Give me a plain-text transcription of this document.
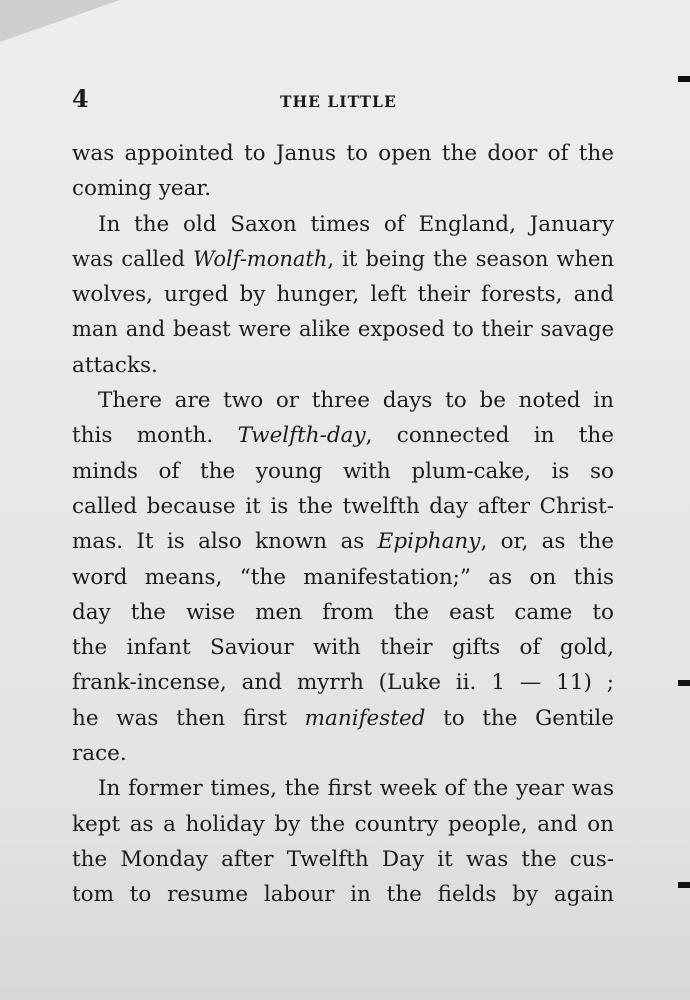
4	THE LITTLE
was appointed to Janus to open the door of the
coming year.
In the old Saxon times of England, January
was called Wolf-monath, it being the season when
wolves, urged by hunger, left their forests, and
man and beast were alike exposed to their savage
attacks.
There are two or three days to be noted in
this month. Twelfth-day, connected in the
minds of the young with plum-cake, is so
called because it is the twelfth day after Christ-
mas. It is also known as Epiphany, or, as the
word means, “the manifestation;” as on this
day the wise men from the east came to
the infant Saviour with their gifts of gold,
frank-incense, and myrrh (Luke ii. 1 — 11) ;
he was then first manifested to the Gentile
race.
In former times, the first week of the year was
kept as a holiday by the country people, and on
the Monday after Twelfth Day it was the cus-
tom to resume labour in the fields by again
